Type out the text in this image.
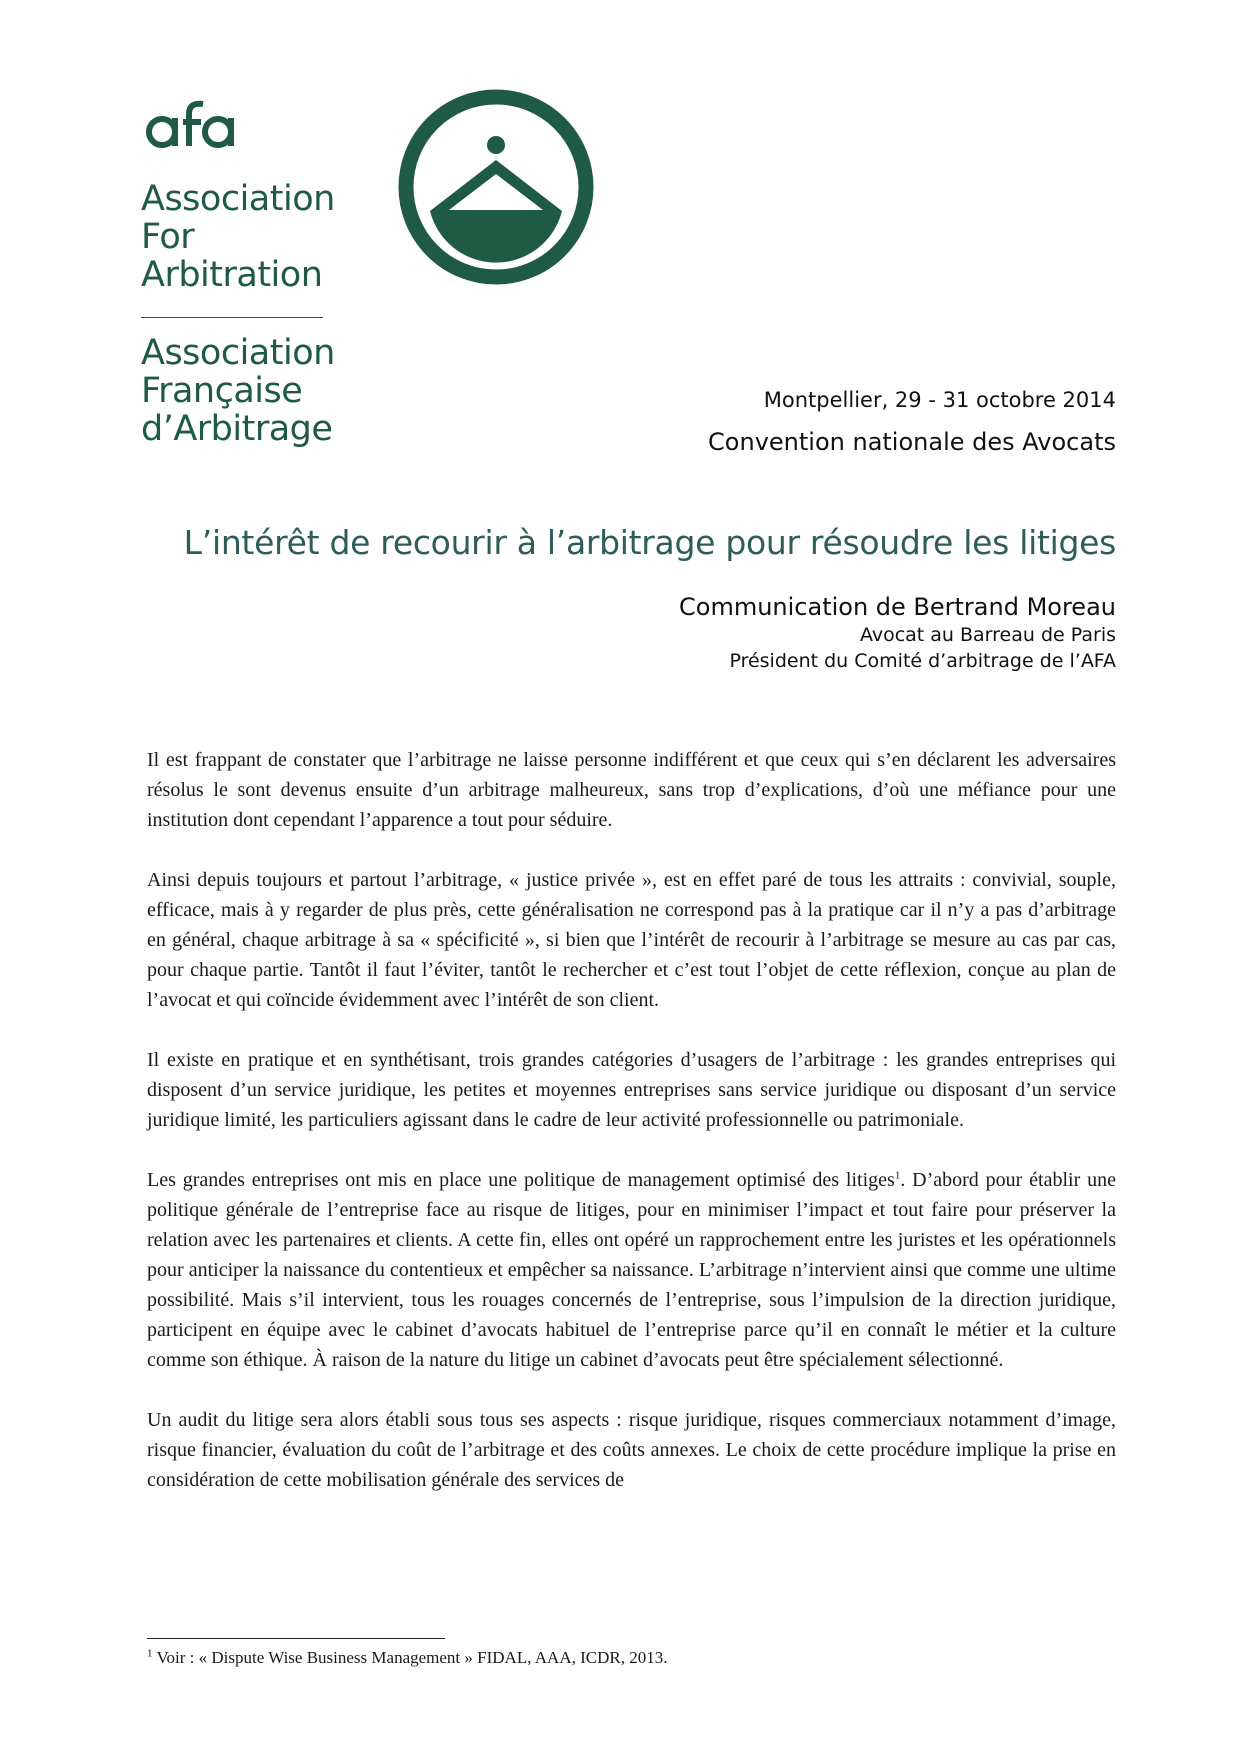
Association
For
Arbitration
Association
Française
d’Arbitrage
Montpellier, 29 - 31 octobre 2014
Convention nationale des Avocats
L’intérêt de recourir à l’arbitrage pour résoudre les litiges
Communication de Bertrand Moreau
Avocat au Barreau de Paris
Président du Comité d’arbitrage de l’AFA

Il est frappant de constater que l’arbitrage ne laisse personne indifférent et que ceux qui s’en déclarent les adversaires résolus le sont devenus ensuite d’un arbitrage malheureux, sans trop d’explications, d’où une méfiance pour une institution dont cependant l’apparence a tout pour séduire.

Ainsi depuis toujours et partout l’arbitrage, « justice privée », est en effet paré de tous les attraits : convivial, souple, efficace, mais à y regarder de plus près, cette généralisation ne correspond pas à la pratique car il n’y a pas d’arbitrage en général, chaque arbitrage à sa « spécificité », si bien que l’intérêt de recourir à l’arbitrage se mesure au cas par cas, pour chaque partie. Tantôt il faut l’éviter, tantôt le rechercher et c’est tout l’objet de cette réflexion, conçue au plan de l’avocat et qui coïncide évidemment avec l’intérêt de son client.

Il existe en pratique et en synthétisant, trois grandes catégories d’usagers de l’arbitrage : les grandes entreprises qui disposent d’un service juridique, les petites et moyennes entreprises sans service juridique ou disposant d’un service juridique limité, les particuliers agissant dans le cadre de leur activité professionnelle ou patrimoniale.

Les grandes entreprises ont mis en place une politique de management optimisé des litiges$^1$. D’abord pour établir une politique générale de l’entreprise face au risque de litiges, pour en minimiser l’impact et tout faire pour préserver la relation avec les partenaires et clients. A cette fin, elles ont opéré un rapprochement entre les juristes et les opérationnels pour anticiper la naissance du contentieux et empêcher sa naissance. L’arbitrage n’intervient ainsi que comme une ultime possibilité. Mais s’il intervient, tous les rouages concernés de l’entreprise, sous l’impulsion de la direction juridique, participent en équipe avec le cabinet d’avocats habituel de l’entreprise parce qu’il en connaît le métier et la culture comme son éthique. À raison de la nature du litige un cabinet d’avocats peut être spécialement sélectionné.

Un audit du litige sera alors établi sous tous ses aspects : risque juridique, risques commerciaux notamment d’image, risque financier, évaluation du coût de l’arbitrage et des coûts annexes. Le choix de cette procédure implique la prise en considération de cette mobilisation générale des services de

$^1$ Voir : « Dispute Wise Business Management » FIDAL, AAA, ICDR, 2013.
